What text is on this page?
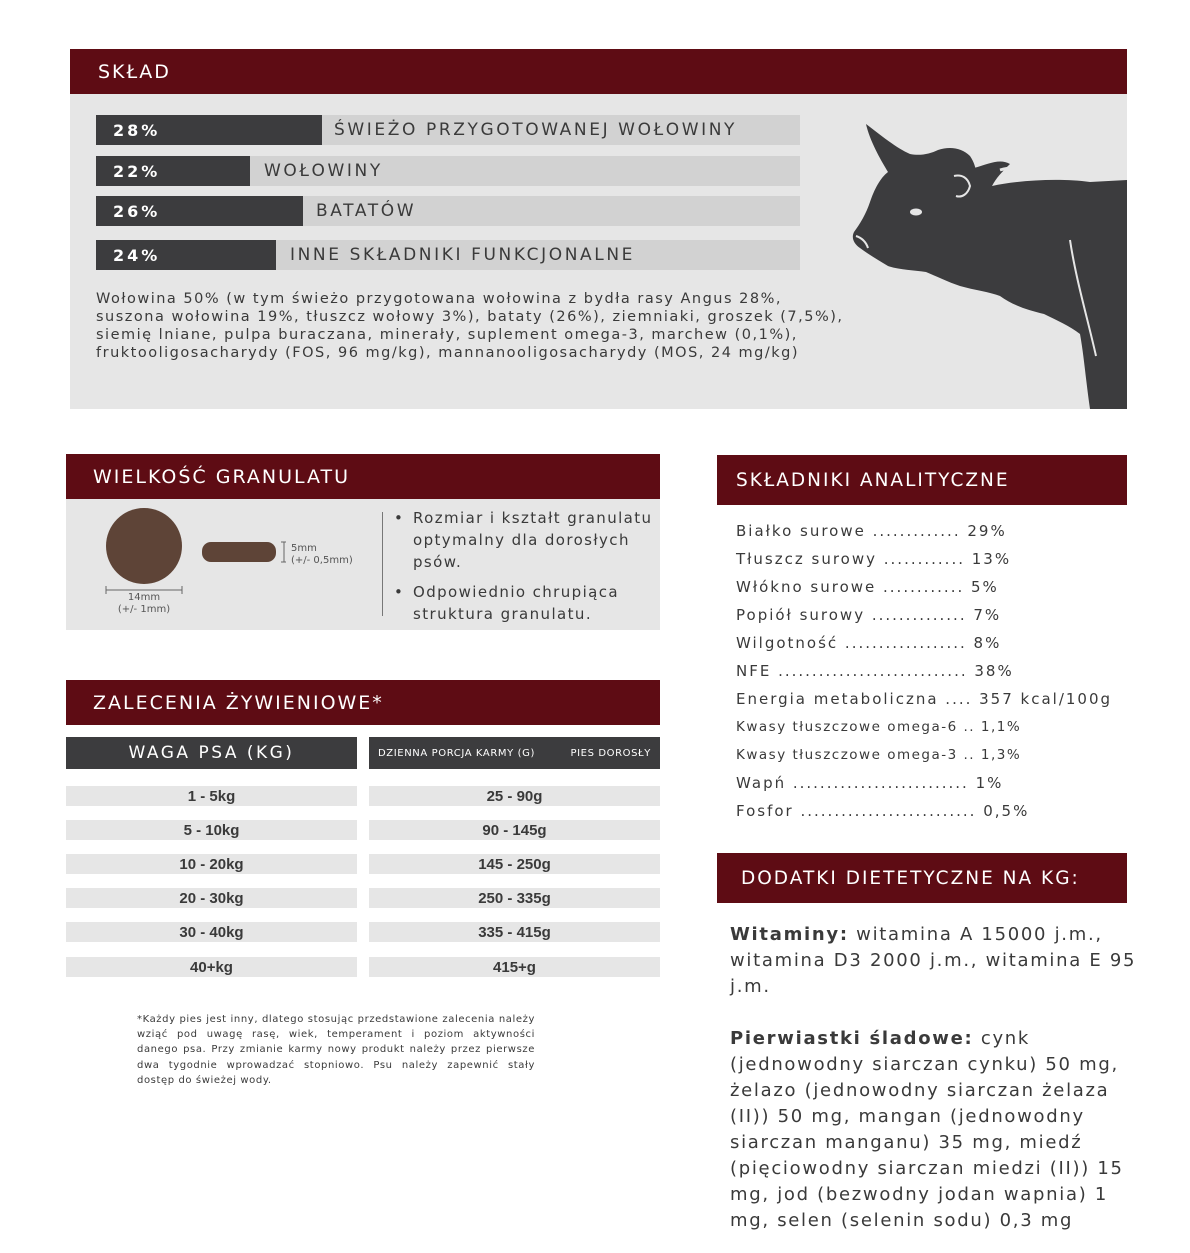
SKŁAD
28%	ŚWIEŻO PRZYGOTOWANEJ WOŁOWINY
22%	WOŁOWINY
26%	BATATÓW
24%	INNE SKŁADNIKI FUNKCJONALNE

Wołowina 50% (w tym świeżo przygotowana wołowina z bydła rasy Angus 28%, suszona wołowina 19%, tłuszcz wołowy 3%), bataty (26%), ziemniaki, groszek (7,5%), siemię lniane, pulpa buraczana, minerały, suplement omega-3, marchew (0,1%), fruktooligosacharydy (FOS, 96 mg/kg), mannanooligosacharydy (MOS, 24 mg/kg)

WIELKOŚĆ GRANULATU
14mm
(+/- 1mm)
5mm
(+/- 0,5mm)
• Rozmiar i kształt granulatu optymalny dla dorosłych psów.
• Odpowiednio chrupiąca struktura granulatu.
ZALECENIA ŻYWIENIOWE*
WAGA PSA (KG)	DZIENNA PORCJA KARMY (G)	PIES DOROSŁY
1 - 5kg	25 - 90g
5 - 10kg	90 - 145g
10 - 20kg	145 - 250g
20 - 30kg	250 - 335g
30 - 40kg	335 - 415g
40+kg	415+g

*Każdy pies jest inny, dlatego stosując przedstawione zalecenia należy wziąć pod uwagę rasę, wiek, temperament i poziom aktywności danego psa. Przy zmianie karmy nowy produkt należy przez pierwsze dwa tygodnie wprowadzać stopniowo. Psu należy zapewnić stały dostęp do świeżej wody.

SKŁADNIKI ANALITYCZNE
Białko surowe ............. 29%
Tłuszcz surowy ............ 13%
Włókno surowe ............ 5%
Popiół surowy .............. 7%
Wilgotność .................. 8%
NFE ............................ 38%
Energia metaboliczna .... 357 kcal/100g
Kwasy tłuszczowe omega-6 .. 1,1%
Kwasy tłuszczowe omega-3 .. 1,3%
Wapń .......................... 1%
Fosfor .......................... 0,5%
DODATKI DIETETYCZNE NA KG:

Witaminy: witamina A 15000 j.m., witamina D3 2000 j.m., witamina E 95 j.m.

Pierwiastki śladowe: cynk (jednowodny siarczan cynku) 50 mg, żelazo (jednowodny siarczan żelaza (II)) 50 mg, mangan (jednowodny siarczan manganu) 35 mg, miedź (pięciowodny siarczan miedzi (II)) 15 mg, jod (bezwodny jodan wapnia) 1 mg, selen (selenin sodu) 0,3 mg
